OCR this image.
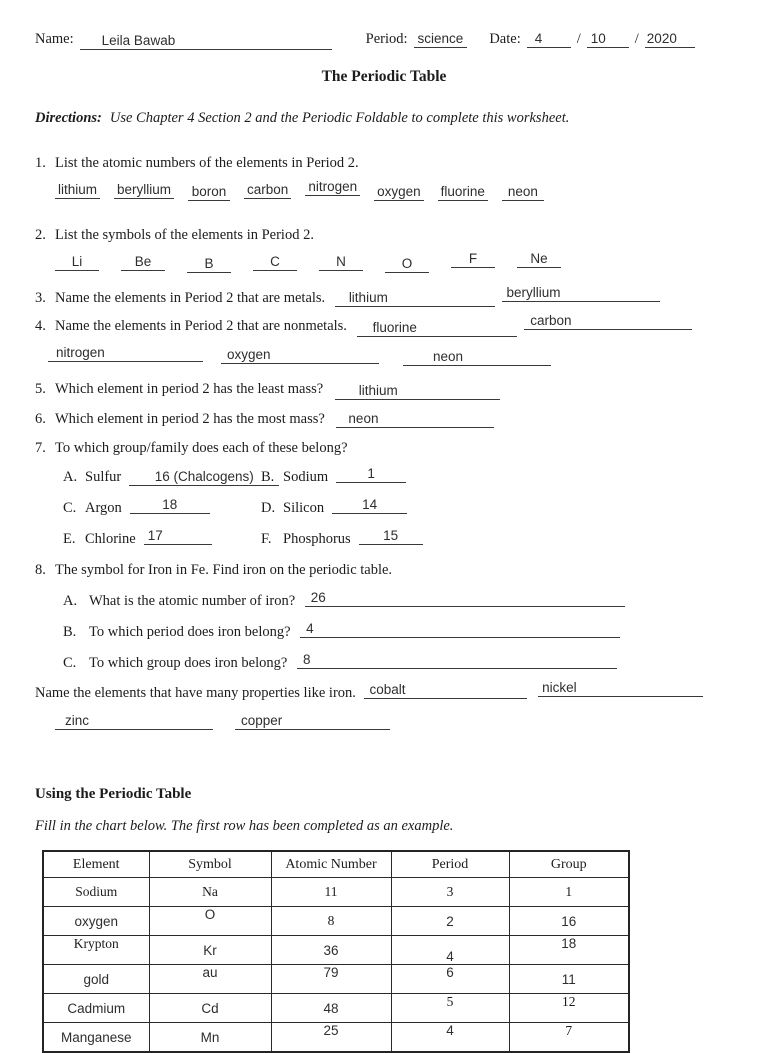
Name:	Leila Bawab	Period: science Date:	4	/ 10	/ 2020
The Periodic Table
Directions: Use Chapter 4 Section 2 and the Periodic Foldable to complete this worksheet.
1. List the atomic numbers of the elements in Period 2.
lithium beryllium boron carbon nitrogen oxygen fluorine	neon
2. List the symbols of the elements in Period 2.
Li	Be	B	C	N	O	F	Ne
3. Name the elements in Period 2 that are metals. lithium	beryllium
4. Name the elements in Period 2 that are nonmetals. fluorine	carbon
nitrogen	oxygen	neon
5. Which element in period 2 has the least mass?	lithium
6. Which element in period 2 has the most mass? neon
7. To which group/family does each of these belong?
A. Sulfur 16 (Chalcogens) B. Sodium	1
C. Argon	18	D. Silicon	14
E. Chlorine 17	F. Phosphorus 15
8. The symbol for Iron in Fe. Find iron on the periodic table.
A. What is the atomic number of iron? 26
B. To which period does iron belong? 4
C. To which group does iron belong? 8
Name the elements that have many properties like iron. cobalt	nickel
zinc	copper
Using the Periodic Table
Fill in the chart below. The first row has been completed as an example.
Element	Symbol	Atomic Number	Period	Group
Sodium	Na	11	3	1
oxygen	O	8	2	16
Krypton	Kr	36	4	18
gold	au	79	6	11
Cadmium	Cd	48	5	12
Manganese	Mn	25	4	7
